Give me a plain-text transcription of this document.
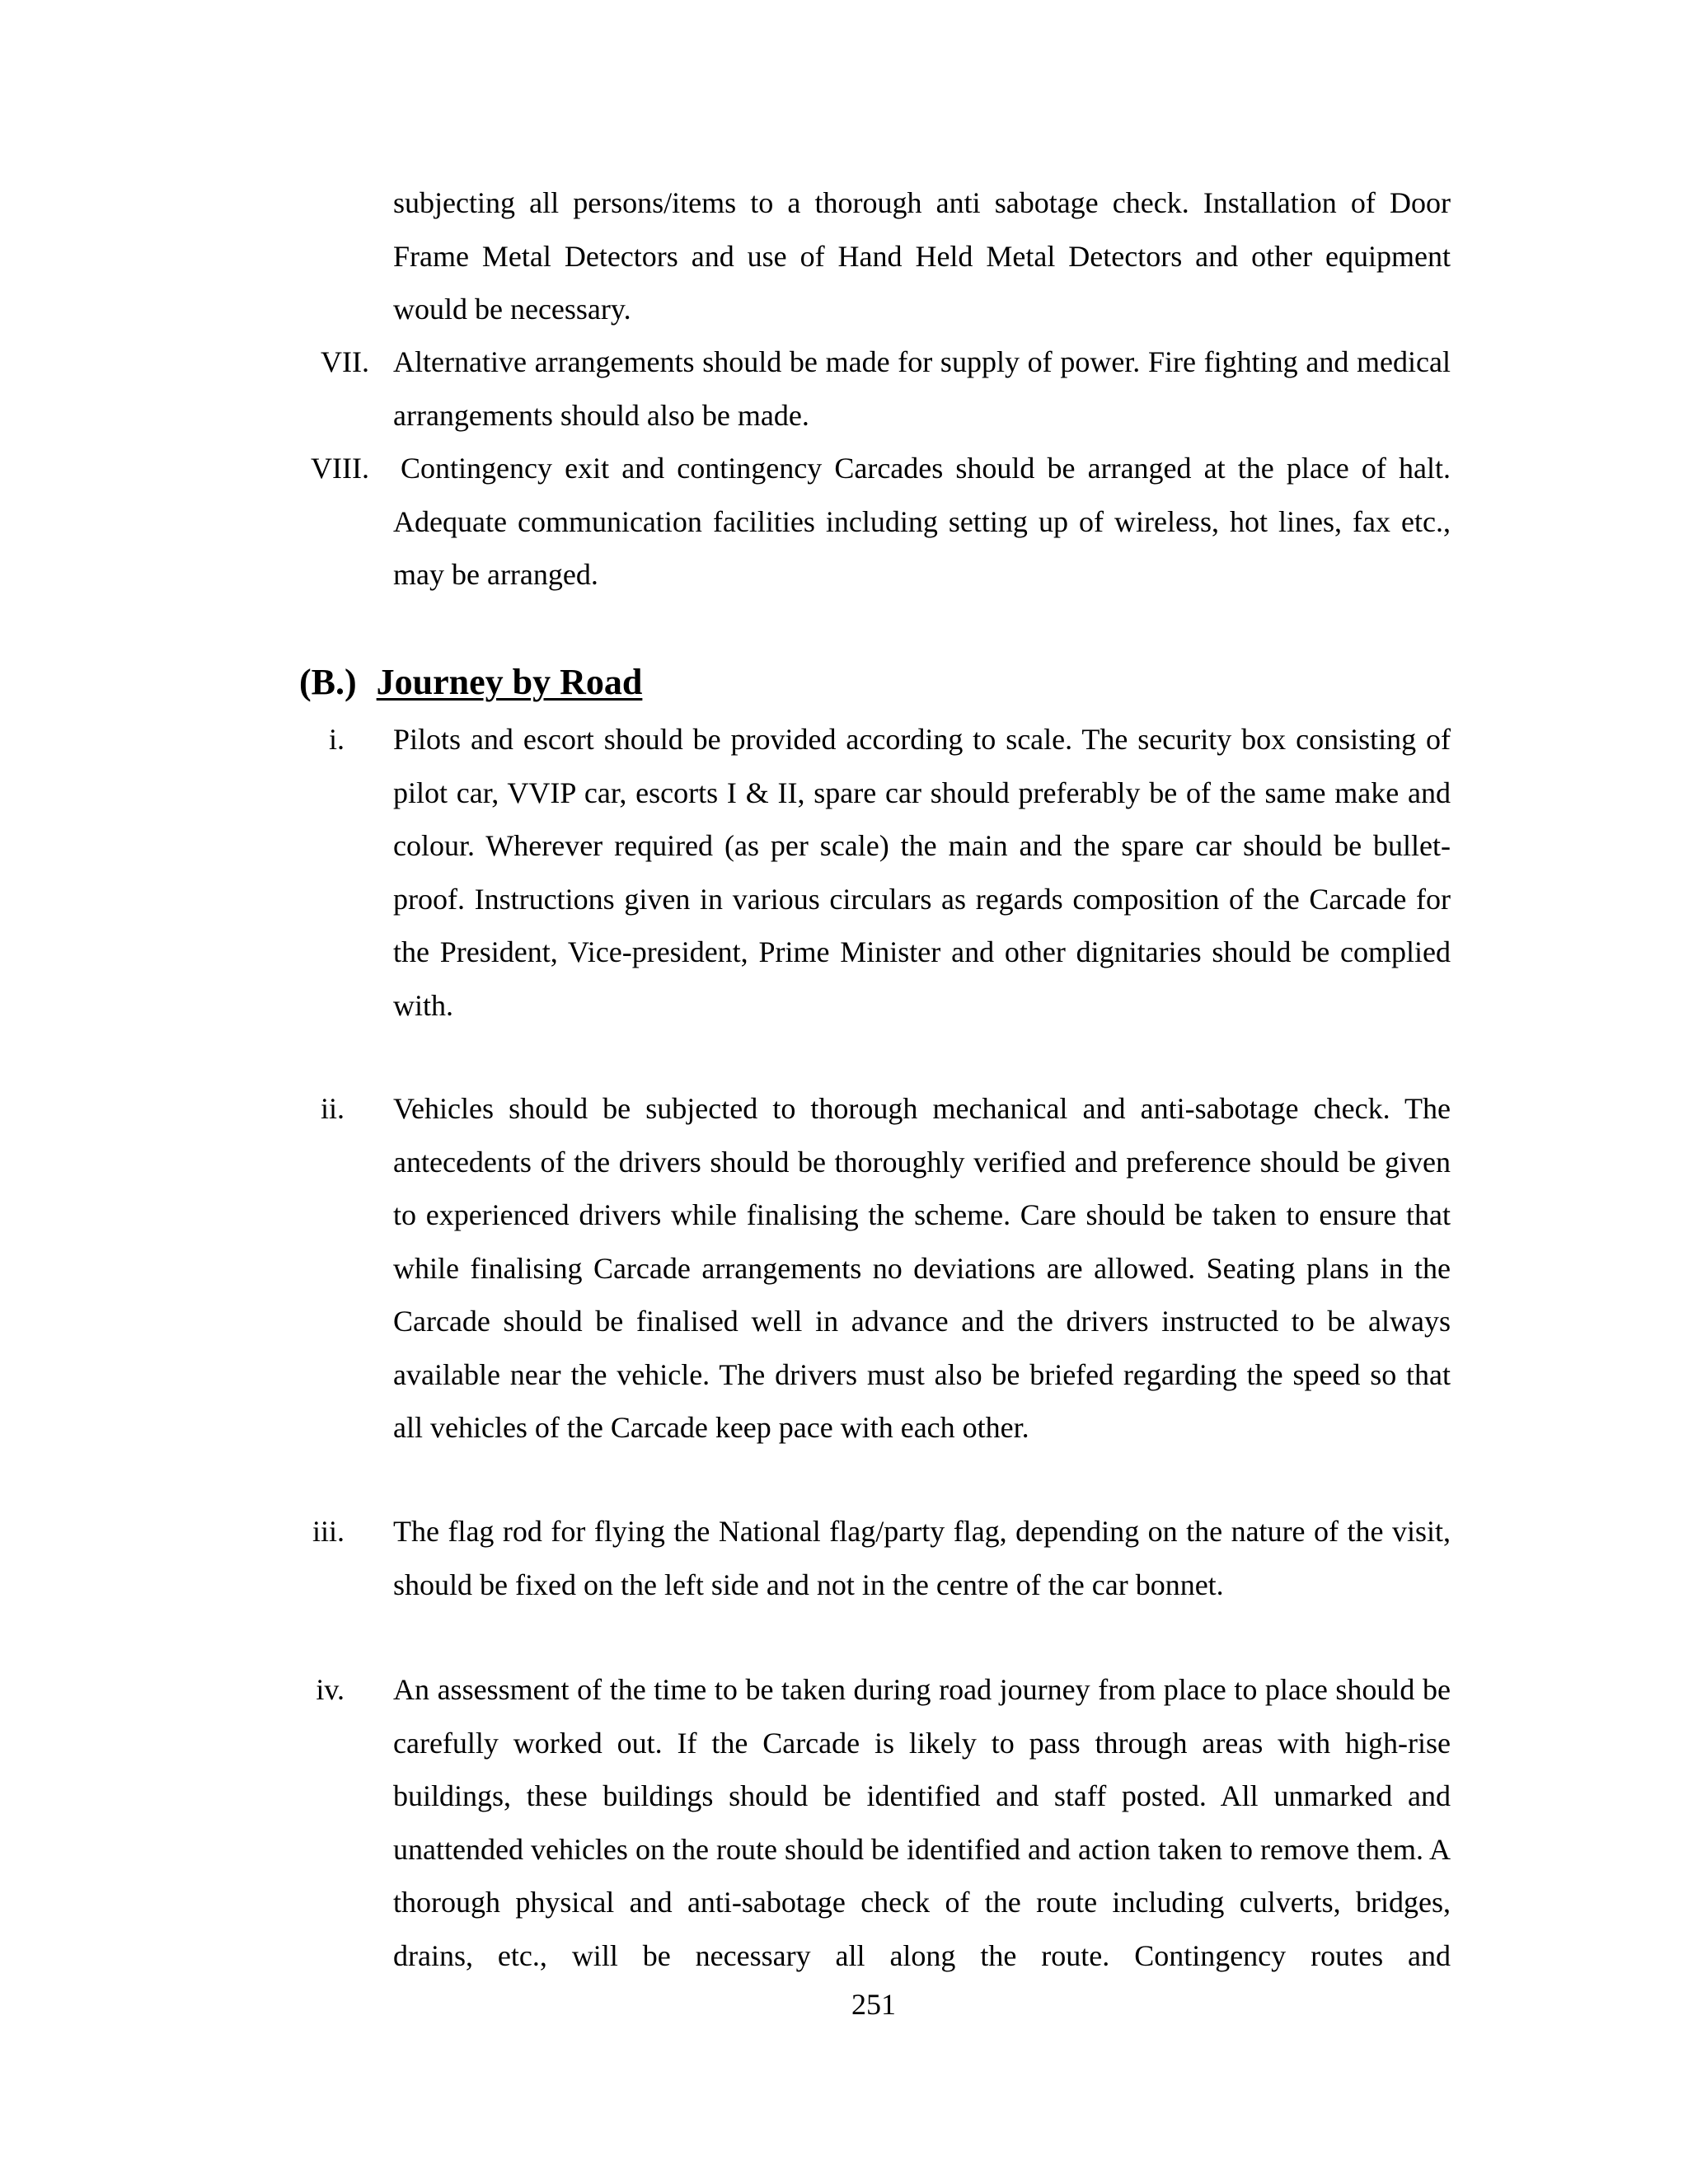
subjecting all persons/items to a thorough anti sabotage check. Installation of Door Frame Metal Detectors and use of Hand Held Metal Detectors and other equipment would be necessary.

VII. Alternative arrangements should be made for supply of power. Fire fighting and medical arrangements should also be made.

VIII. Contingency exit and contingency Carcades should be arranged at the place of halt. Adequate communication facilities including setting up of wireless, hot lines, fax etc., may be arranged.

(B.) Journey by Road
i. Pilots and escort should be provided according to scale. The security box consisting of pilot car, VVIP car, escorts I & II, spare car should preferably be of the same make and colour. Wherever required (as per scale) the main and the spare car should be bullet-proof. Instructions given in various circulars as regards composition of the Carcade for the President, Vice-president, Prime Minister and other dignitaries should be complied with.

ii. Vehicles should be subjected to thorough mechanical and anti-sabotage check. The antecedents of the drivers should be thoroughly verified and preference should be given to experienced drivers while finalising the scheme. Care should be taken to ensure that while finalising Carcade arrangements no deviations are allowed. Seating plans in the Carcade should be finalised well in advance and the drivers instructed to be always available near the vehicle. The drivers must also be briefed regarding the speed so that all vehicles of the Carcade keep pace with each other.

iii. The flag rod for flying the National flag/party flag, depending on the nature of the visit, should be fixed on the left side and not in the centre of the car bonnet.

iv. An assessment of the time to be taken during road journey from place to place should be carefully worked out. If the Carcade is likely to pass through areas with high-rise buildings, these buildings should be identified and staff posted. All unmarked and unattended vehicles on the route should be identified and action taken to remove them. A thorough physical and anti-sabotage check of the route including culverts, bridges, drains, etc., will be necessary all along the route. Contingency routes and

251
